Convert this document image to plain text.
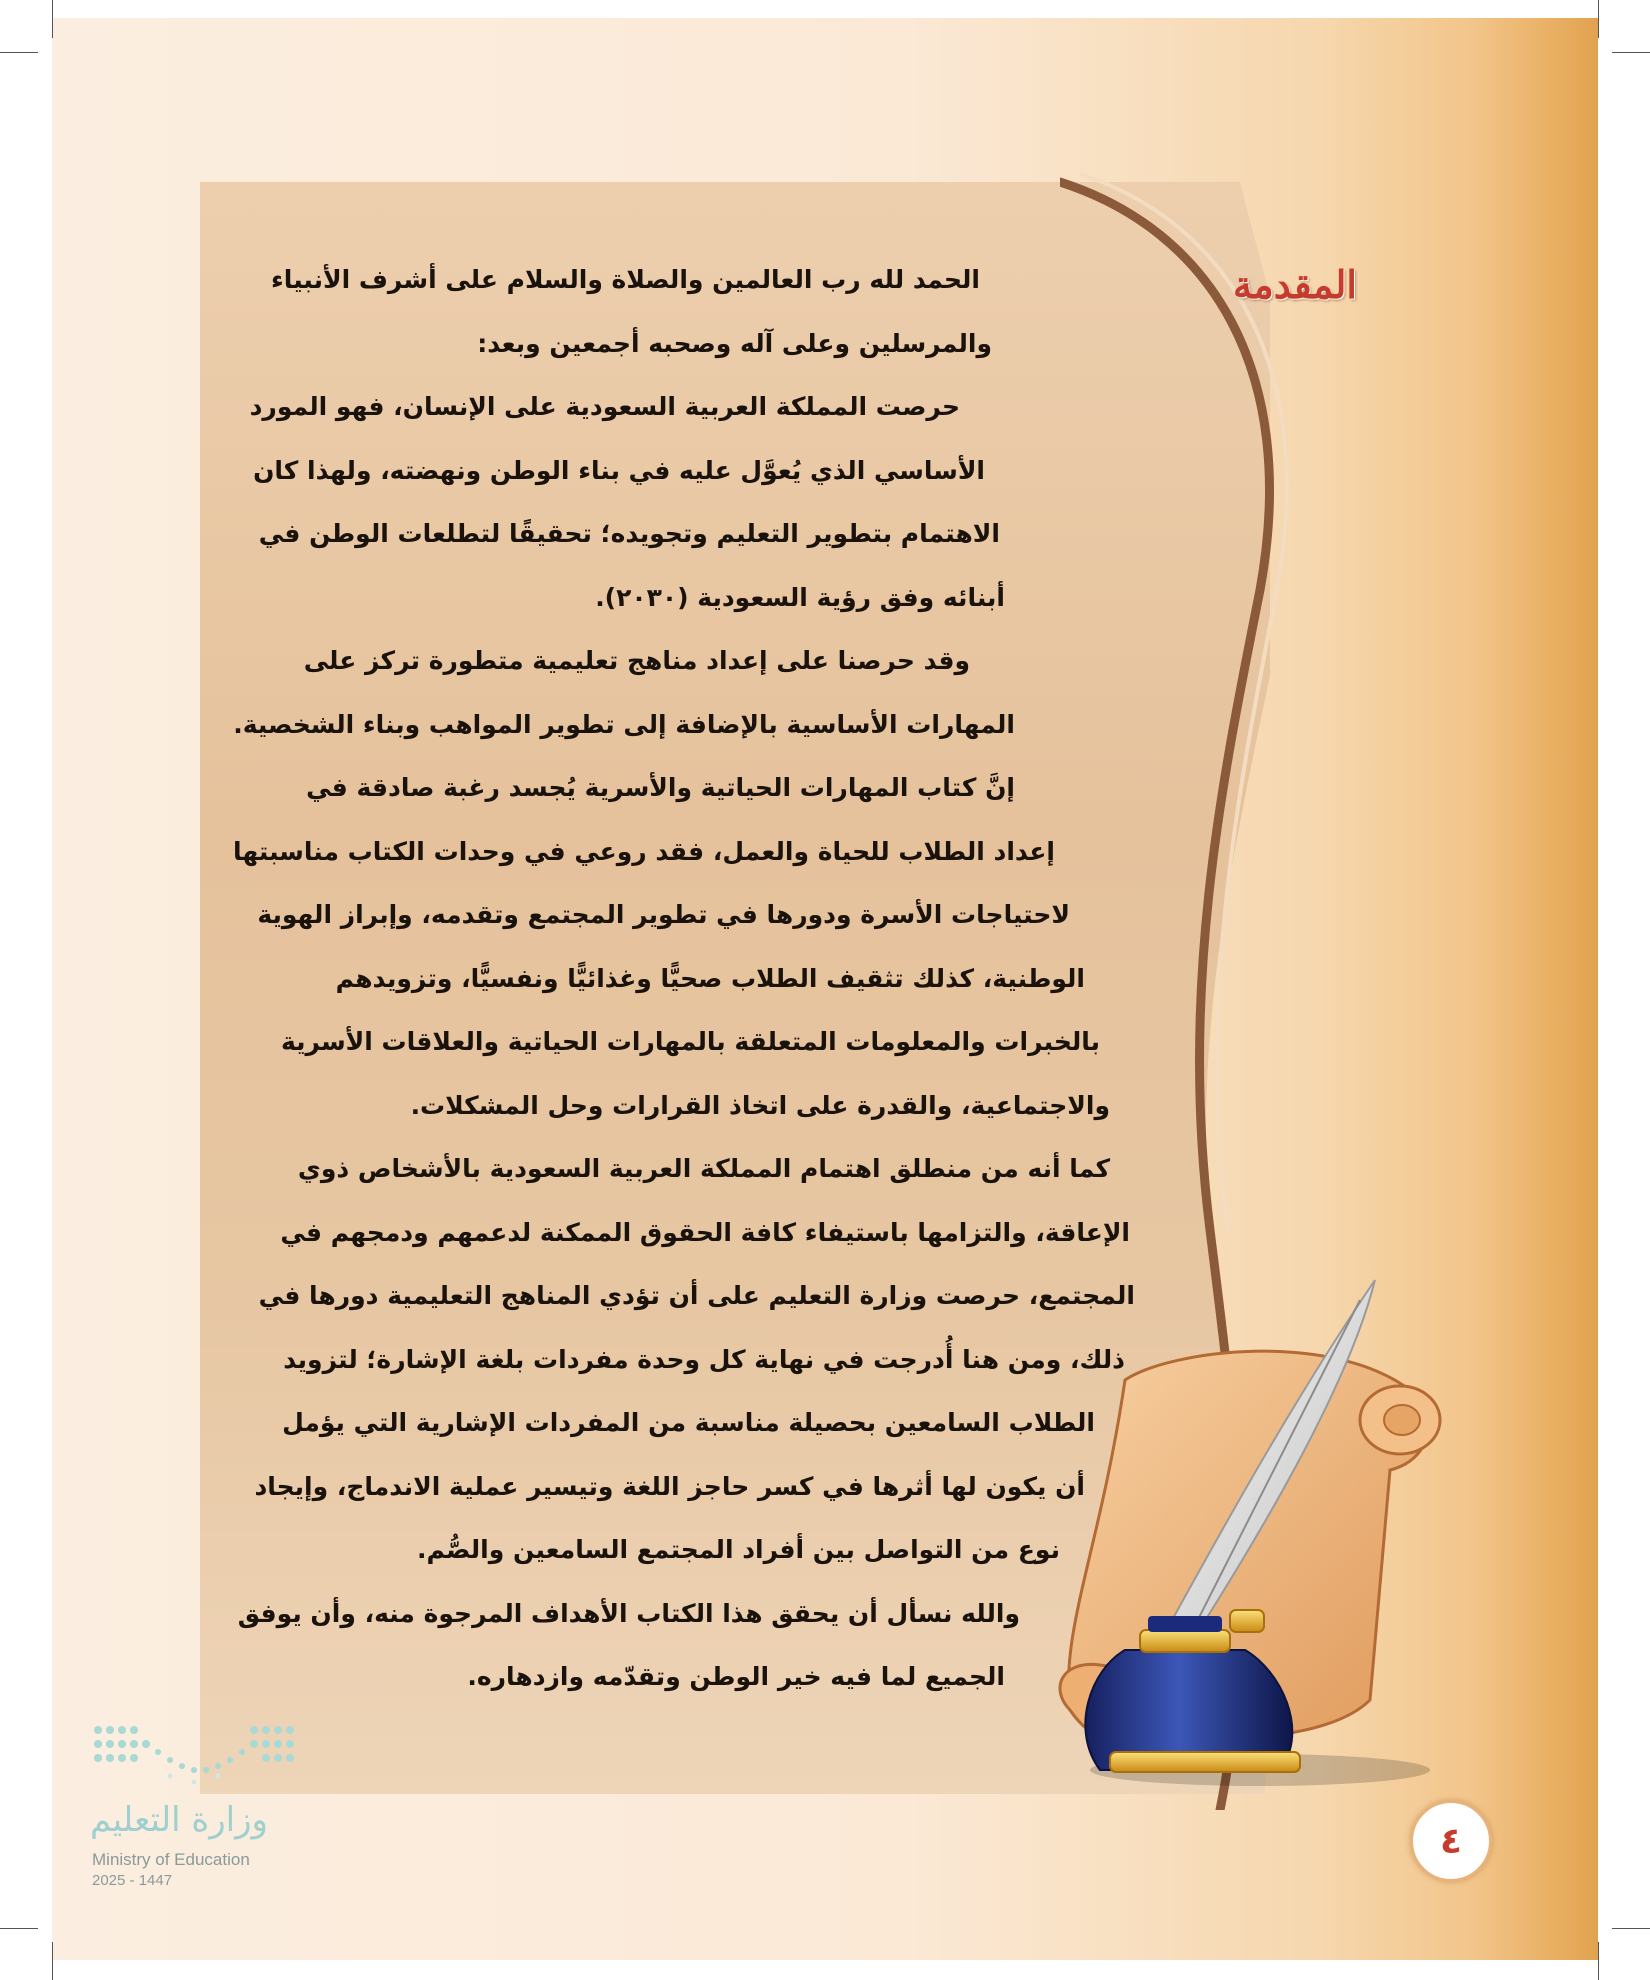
المقدمة
الحمد لله رب العالمين والصلاة والسلام على أشرف الأنبياء
والمرسلين وعلى آله وصحبه أجمعين وبعد:
حرصت المملكة العربية السعودية على الإنسان، فهو المورد
الأساسي الذي يُعوَّل عليه في بناء الوطن ونهضته، ولهذا كان
الاهتمام بتطوير التعليم وتجويده؛ تحقيقًا لتطلعات الوطن في
أبنائه وفق رؤية السعودية (٢٠٣٠).
وقد حرصنا على إعداد مناهج تعليمية متطورة تركز على
المهارات الأساسية بالإضافة إلى تطوير المواهب وبناء الشخصية.
إنَّ كتاب المهارات الحياتية والأسرية يُجسد رغبة صادقة في
إعداد الطلاب للحياة والعمل، فقد روعي في وحدات الكتاب مناسبتها
لاحتياجات الأسرة ودورها في تطوير المجتمع وتقدمه، وإبراز الهوية
الوطنية، كذلك تثقيف الطلاب صحيًّا وغذائيًّا ونفسيًّا، وتزويدهم
بالخبرات والمعلومات المتعلقة بالمهارات الحياتية والعلاقات الأسرية
والاجتماعية، والقدرة على اتخاذ القرارات وحل المشكلات.
كما أنه من منطلق اهتمام المملكة العربية السعودية بالأشخاص ذوي
الإعاقة، والتزامها باستيفاء كافة الحقوق الممكنة لدعمهم ودمجهم في
المجتمع، حرصت وزارة التعليم على أن تؤدي المناهج التعليمية دورها في
ذلك، ومن هنا أُدرجت في نهاية كل وحدة مفردات بلغة الإشارة؛ لتزويد
الطلاب السامعين بحصيلة مناسبة من المفردات الإشارية التي يؤمل
أن يكون لها أثرها في كسر حاجز اللغة وتيسير عملية الاندماج، وإيجاد
نوع من التواصل بين أفراد المجتمع السامعين والصُّم.
والله نسأل أن يحقق هذا الكتاب الأهداف المرجوة منه، وأن يوفق
الجميع لما فيه خير الوطن وتقدّمه وازدهاره.
وزارة التعليم
Ministry of Education
2025 - 1447
٤
